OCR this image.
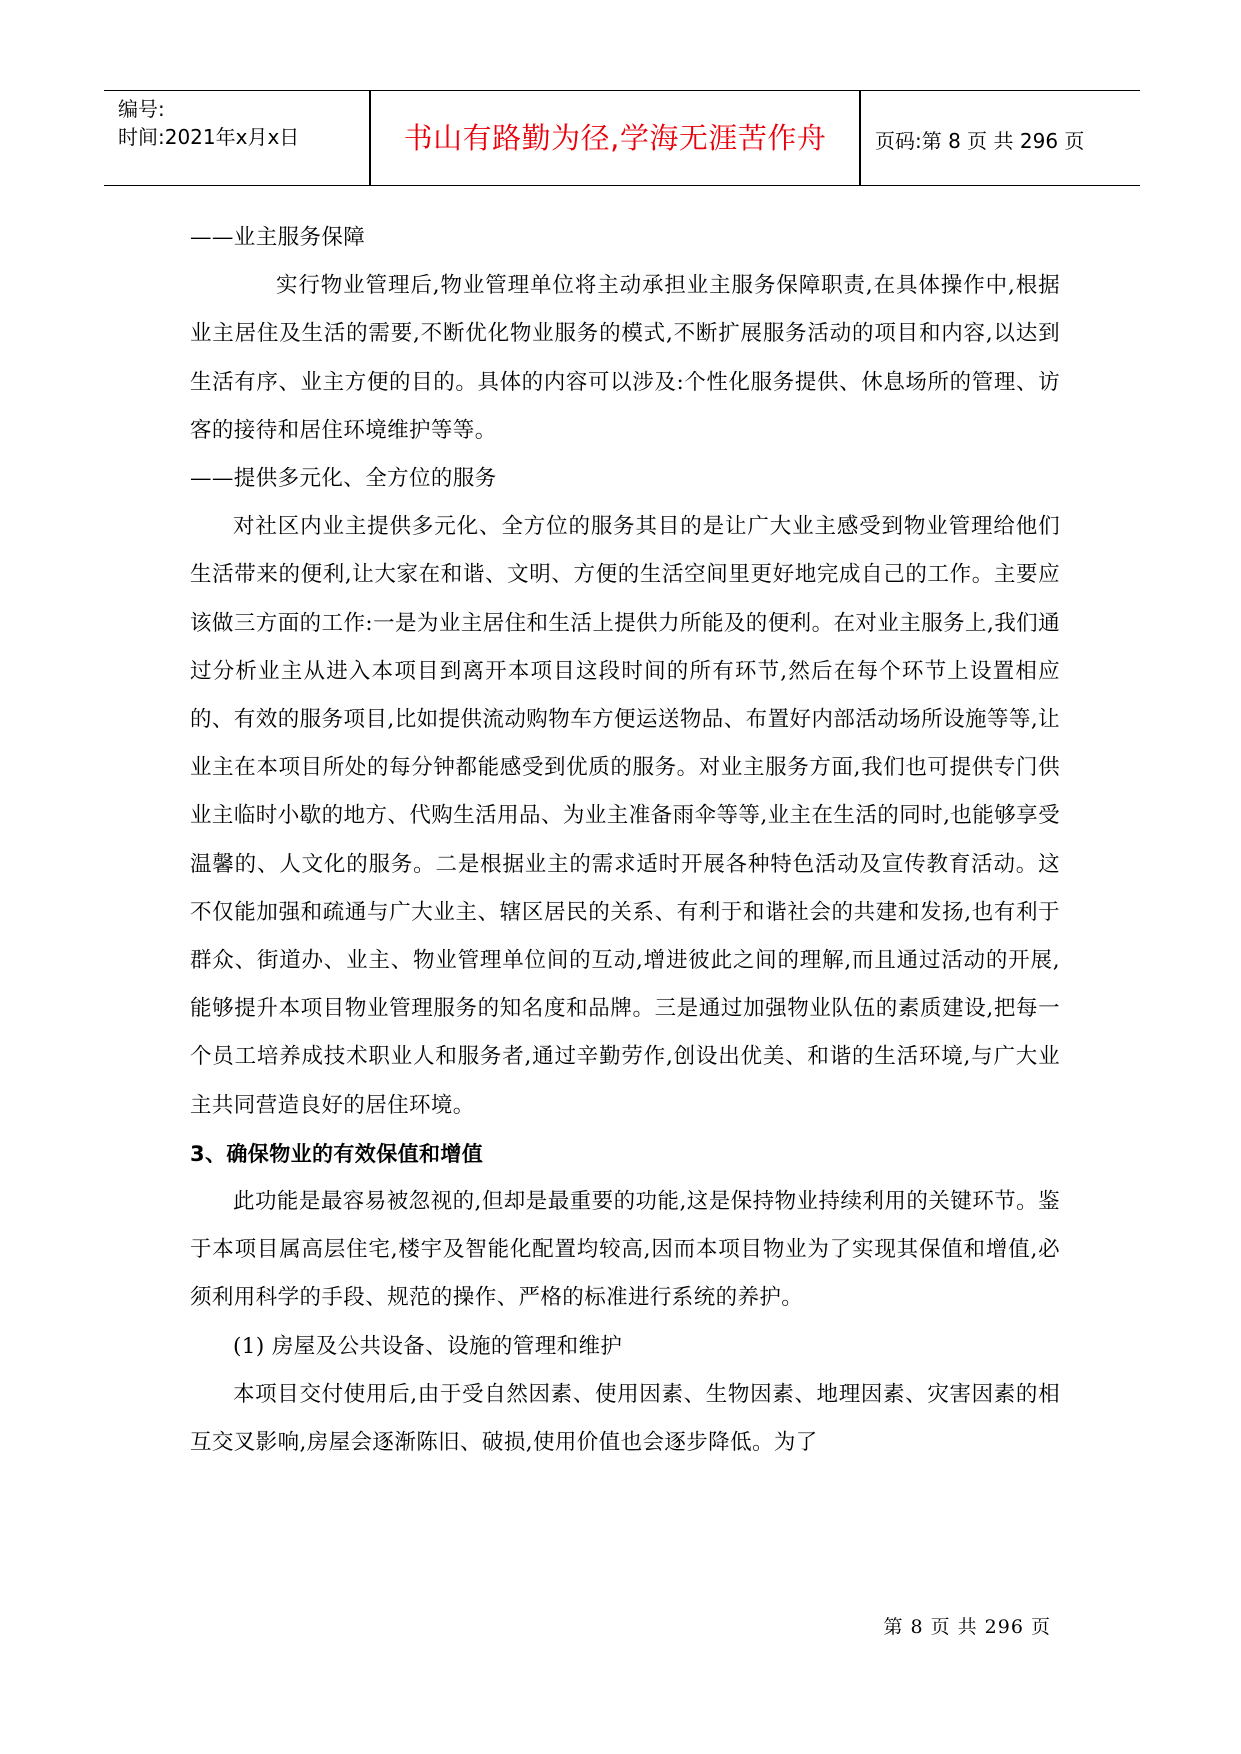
编号:
时间:2021年x月x日	书山有路勤为径,学海无涯苦作舟	页码:第 8 页 共 296 页

——业主服务保障

实行物业管理后,物业管理单位将主动承担业主服务保障职责,在具体操作中,根据业主居住及生活的需要,不断优化物业服务的模式,不断扩展服务活动的项目和内容,以达到生活有序、业主方便的目的。具体的内容可以涉及:个性化服务提供、休息场所的管理、访客的接待和居住环境维护等等。

——提供多元化、全方位的服务

对社区内业主提供多元化、全方位的服务其目的是让广大业主感受到物业管理给他们生活带来的便利,让大家在和谐、文明、方便的生活空间里更好地完成自己的工作。主要应该做三方面的工作:一是为业主居住和生活上提供力所能及的便利。在对业主服务上,我们通过分析业主从进入本项目到离开本项目这段时间的所有环节,然后在每个环节上设置相应的、有效的服务项目,比如提供流动购物车方便运送物品、布置好内部活动场所设施等等,让业主在本项目所处的每分钟都能感受到优质的服务。对业主服务方面,我们也可提供专门供业主临时小歇的地方、代购生活用品、为业主准备雨伞等等,业主在生活的同时,也能够享受温馨的、人文化的服务。二是根据业主的需求适时开展各种特色活动及宣传教育活动。这不仅能加强和疏通与广大业主、辖区居民的关系、有利于和谐社会的共建和发扬,也有利于群众、街道办、业主、物业管理单位间的互动,增进彼此之间的理解,而且通过活动的开展,能够提升本项目物业管理服务的知名度和品牌。三是通过加强物业队伍的素质建设,把每一个员工培养成技术职业人和服务者,通过辛勤劳作,创设出优美、和谐的生活环境,与广大业主共同营造良好的居住环境。

3、确保物业的有效保值和增值

此功能是最容易被忽视的,但却是最重要的功能,这是保持物业持续利用的关键环节。鉴于本项目属高层住宅,楼宇及智能化配置均较高,因而本项目物业为了实现其保值和增值,必须利用科学的手段、规范的操作、严格的标准进行系统的养护。

(1) 房屋及公共设备、设施的管理和维护

本项目交付使用后,由于受自然因素、使用因素、生物因素、地理因素、灾害因素的相互交叉影响,房屋会逐渐陈旧、破损,使用价值也会逐步降低。为了

第 8 页 共 296 页
